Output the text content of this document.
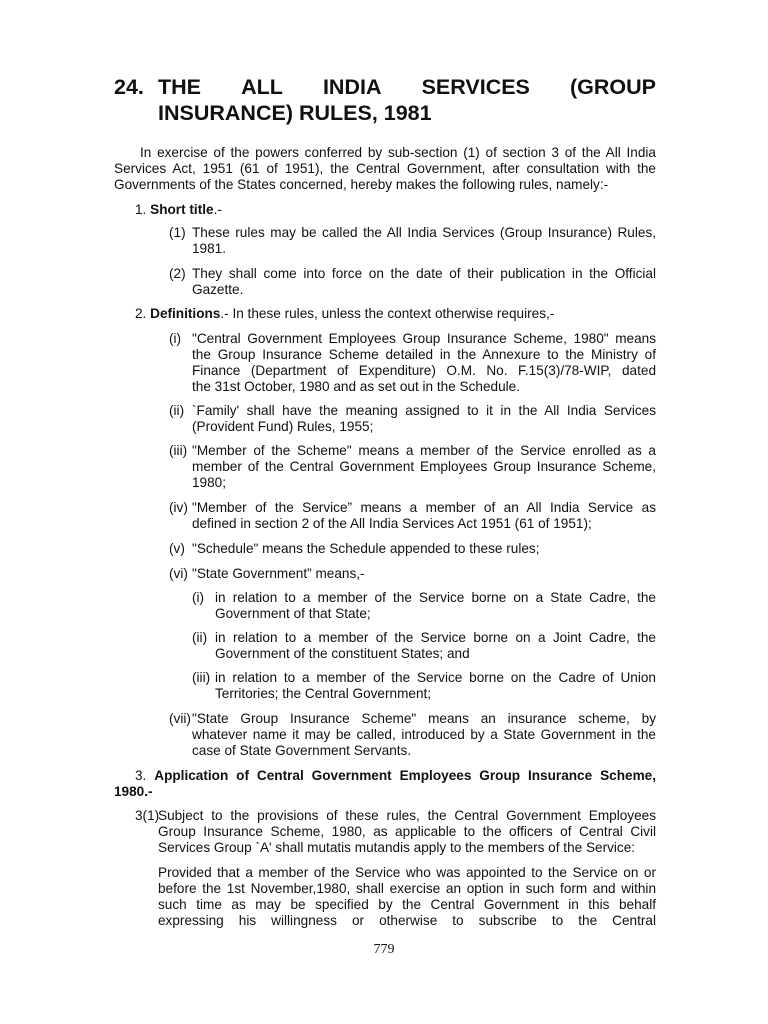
24. THE ALL INDIA SERVICES (GROUP
INSURANCE) RULES, 1981
In exercise of the powers conferred by sub-section (1) of section 3 of the All India
Services Act, 1951 (61 of 1951), the Central Government, after consultation with the
Governments of the States concerned, hereby makes the following rules, namely:-
1. Short title.-
(1) These rules may be called the All India Services (Group Insurance) Rules,
1981.
(2) They shall come into force on the date of their publication in the Official
Gazette.
2. Definitions.- In these rules, unless the context otherwise requires,-
(i) "Central Government Employees Group Insurance Scheme, 1980" means
the Group Insurance Scheme detailed in the Annexure to the Ministry of
Finance (Department of Expenditure) O.M. No. F.15(3)/78-WIP, dated
the 31st October, 1980 and as set out in the Schedule.
(ii) `Family' shall have the meaning assigned to it in the All India Services
(Provident Fund) Rules, 1955;
(iii) "Member of the Scheme" means a member of the Service enrolled as a
member of the Central Government Employees Group Insurance Scheme,
1980;
(iv) "Member of the Service” means a member of an All India Service as
defined in section 2 of the All India Services Act 1951 (61 of 1951);
(v) "Schedule" means the Schedule appended to these rules;
(vi) "State Government” means,-
(i) in relation to a member of the Service borne on a State Cadre, the
Government of that State;
(ii) in relation to a member of the Service borne on a Joint Cadre, the
Government of the constituent States; and
(iii) in relation to a member of the Service borne on the Cadre of Union
Territories; the Central Government;
(vii) "State Group Insurance Scheme" means an insurance scheme, by
whatever name it may be called, introduced by a State Government in the
case of State Government Servants.
3. Application of Central Government Employees Group Insurance Scheme,
1980.-
3(1)
Subject to the provisions of these rules, the Central Government Employees
Group Insurance Scheme, 1980, as applicable to the officers of Central Civil
Services Group `A' shall mutatis mutandis apply to the members of the Service:
Provided that a member of the Service who was appointed to the Service on or
before the 1st November,1980, shall exercise an option in such form and within
such time as may be specified by the Central Government in this behalf
expressing his willingness or otherwise to subscribe to the Central
779
